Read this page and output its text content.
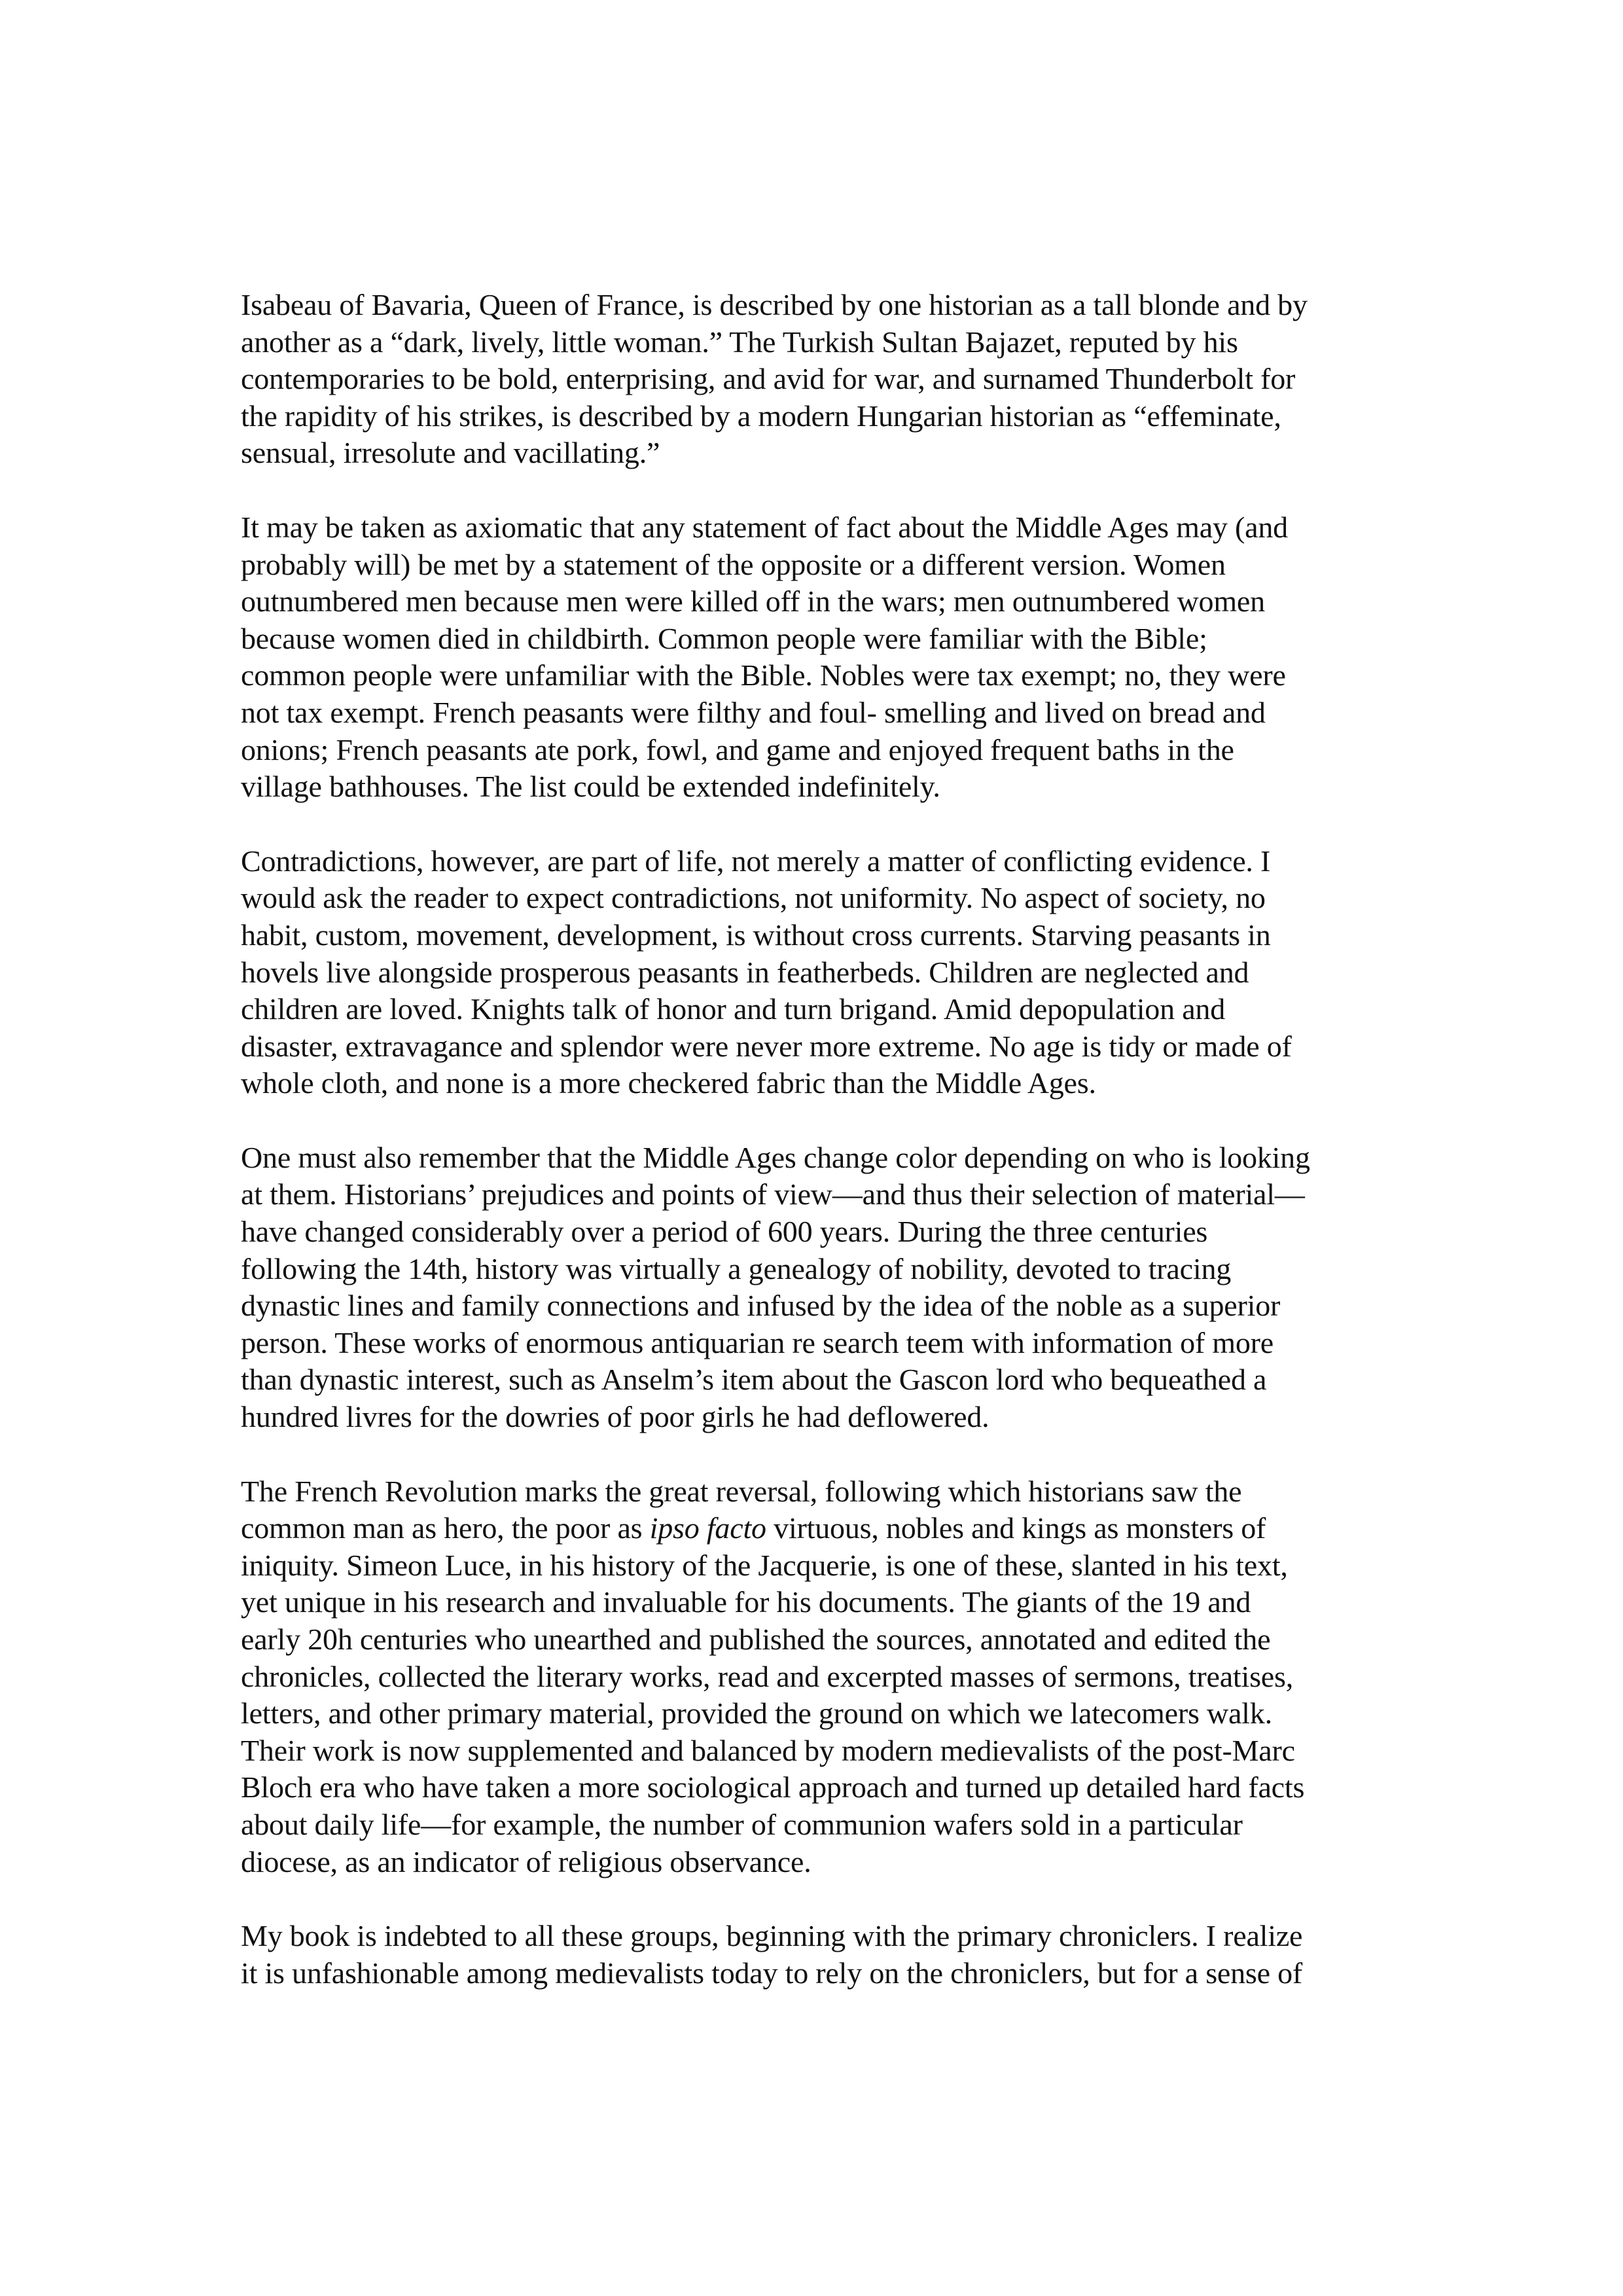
Isabeau of Bavaria, Queen of France, is described by one historian as a tall blonde and by
another as a “dark, lively, little woman.” The Turkish Sultan Bajazet, reputed by his
contemporaries to be bold, enterprising, and avid for war, and surnamed Thunderbolt for
the rapidity of his strikes, is described by a modern Hungarian historian as “effeminate,
sensual, irresolute and vacillating.”

It may be taken as axiomatic that any statement of fact about the Middle Ages may (and
probably will) be met by a statement of the opposite or a different version. Women
outnumbered men because men were killed off in the wars; men outnumbered women
because women died in childbirth. Common people were familiar with the Bible;
common people were unfamiliar with the Bible. Nobles were tax exempt; no, they were
not tax exempt. French peasants were filthy and foul- smelling and lived on bread and
onions; French peasants ate pork, fowl, and game and enjoyed frequent baths in the
village bathhouses. The list could be extended indefinitely.

Contradictions, however, are part of life, not merely a matter of conflicting evidence. I
would ask the reader to expect contradictions, not uniformity. No aspect of society, no
habit, custom, movement, development, is without cross currents. Starving peasants in
hovels live alongside prosperous peasants in featherbeds. Children are neglected and
children are loved. Knights talk of honor and turn brigand. Amid depopulation and
disaster, extravagance and splendor were never more extreme. No age is tidy or made of
whole cloth, and none is a more checkered fabric than the Middle Ages.

One must also remember that the Middle Ages change color depending on who is looking
at them. Historians’ prejudices and points of view—and thus their selection of material—
have changed considerably over a period of 600 years. During the three centuries
following the 14th, history was virtually a genealogy of nobility, devoted to tracing
dynastic lines and family connections and infused by the idea of the noble as a superior
person. These works of enormous antiquarian re search teem with information of more
than dynastic interest, such as Anselm’s item about the Gascon lord who bequeathed a
hundred livres for the dowries of poor girls he had deflowered.

The French Revolution marks the great reversal, following which historians saw the
common man as hero, the poor as ipso facto virtuous, nobles and kings as monsters of
iniquity. Simeon Luce, in his history of the Jacquerie, is one of these, slanted in his text,
yet unique in his research and invaluable for his documents. The giants of the 19 and
early 20h centuries who unearthed and published the sources, annotated and edited the
chronicles, collected the literary works, read and excerpted masses of sermons, treatises,
letters, and other primary material, provided the ground on which we latecomers walk.
Their work is now supplemented and balanced by modern medievalists of the post-Marc
Bloch era who have taken a more sociological approach and turned up detailed hard facts
about daily life—for example, the number of communion wafers sold in a particular
diocese, as an indicator of religious observance.

My book is indebted to all these groups, beginning with the primary chroniclers. I realize
it is unfashionable among medievalists today to rely on the chroniclers, but for a sense of
